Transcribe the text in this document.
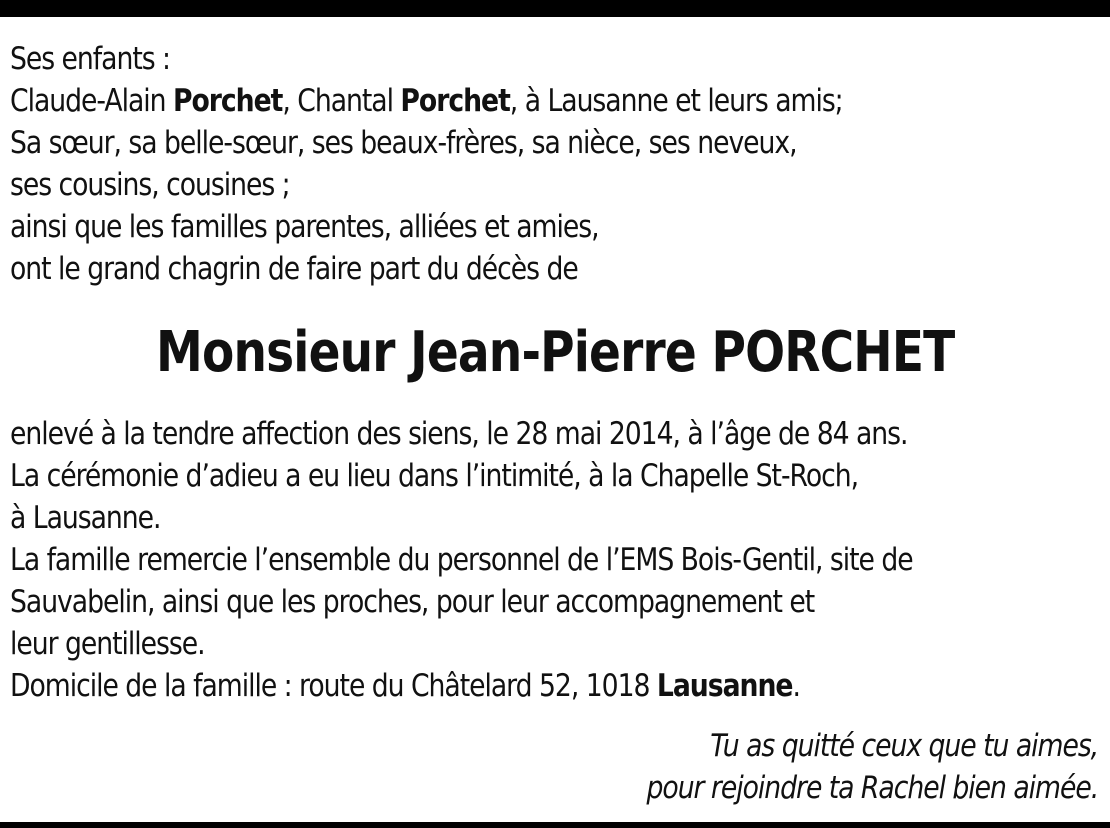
Ses enfants :
Claude-Alain Porchet, Chantal Porchet, à Lausanne et leurs amis;
Sa sœur, sa belle-sœur, ses beaux-frères, sa nièce, ses neveux,
ses cousins, cousines ;
ainsi que les familles parentes, alliées et amies,
ont le grand chagrin de faire part du décès de
Monsieur Jean-Pierre PORCHET
enlevé à la tendre affection des siens, le 28 mai 2014, à l’âge de 84 ans.
La cérémonie d’adieu a eu lieu dans l’intimité, à la Chapelle St-Roch,
à Lausanne.
La famille remercie l’ensemble du personnel de l’EMS Bois-Gentil, site de
Sauvabelin, ainsi que les proches, pour leur accompagnement et
leur gentillesse.
Domicile de la famille : route du Châtelard 52, 1018 Lausanne.
Tu as quitté ceux que tu aimes,
pour rejoindre ta Rachel bien aimée.
